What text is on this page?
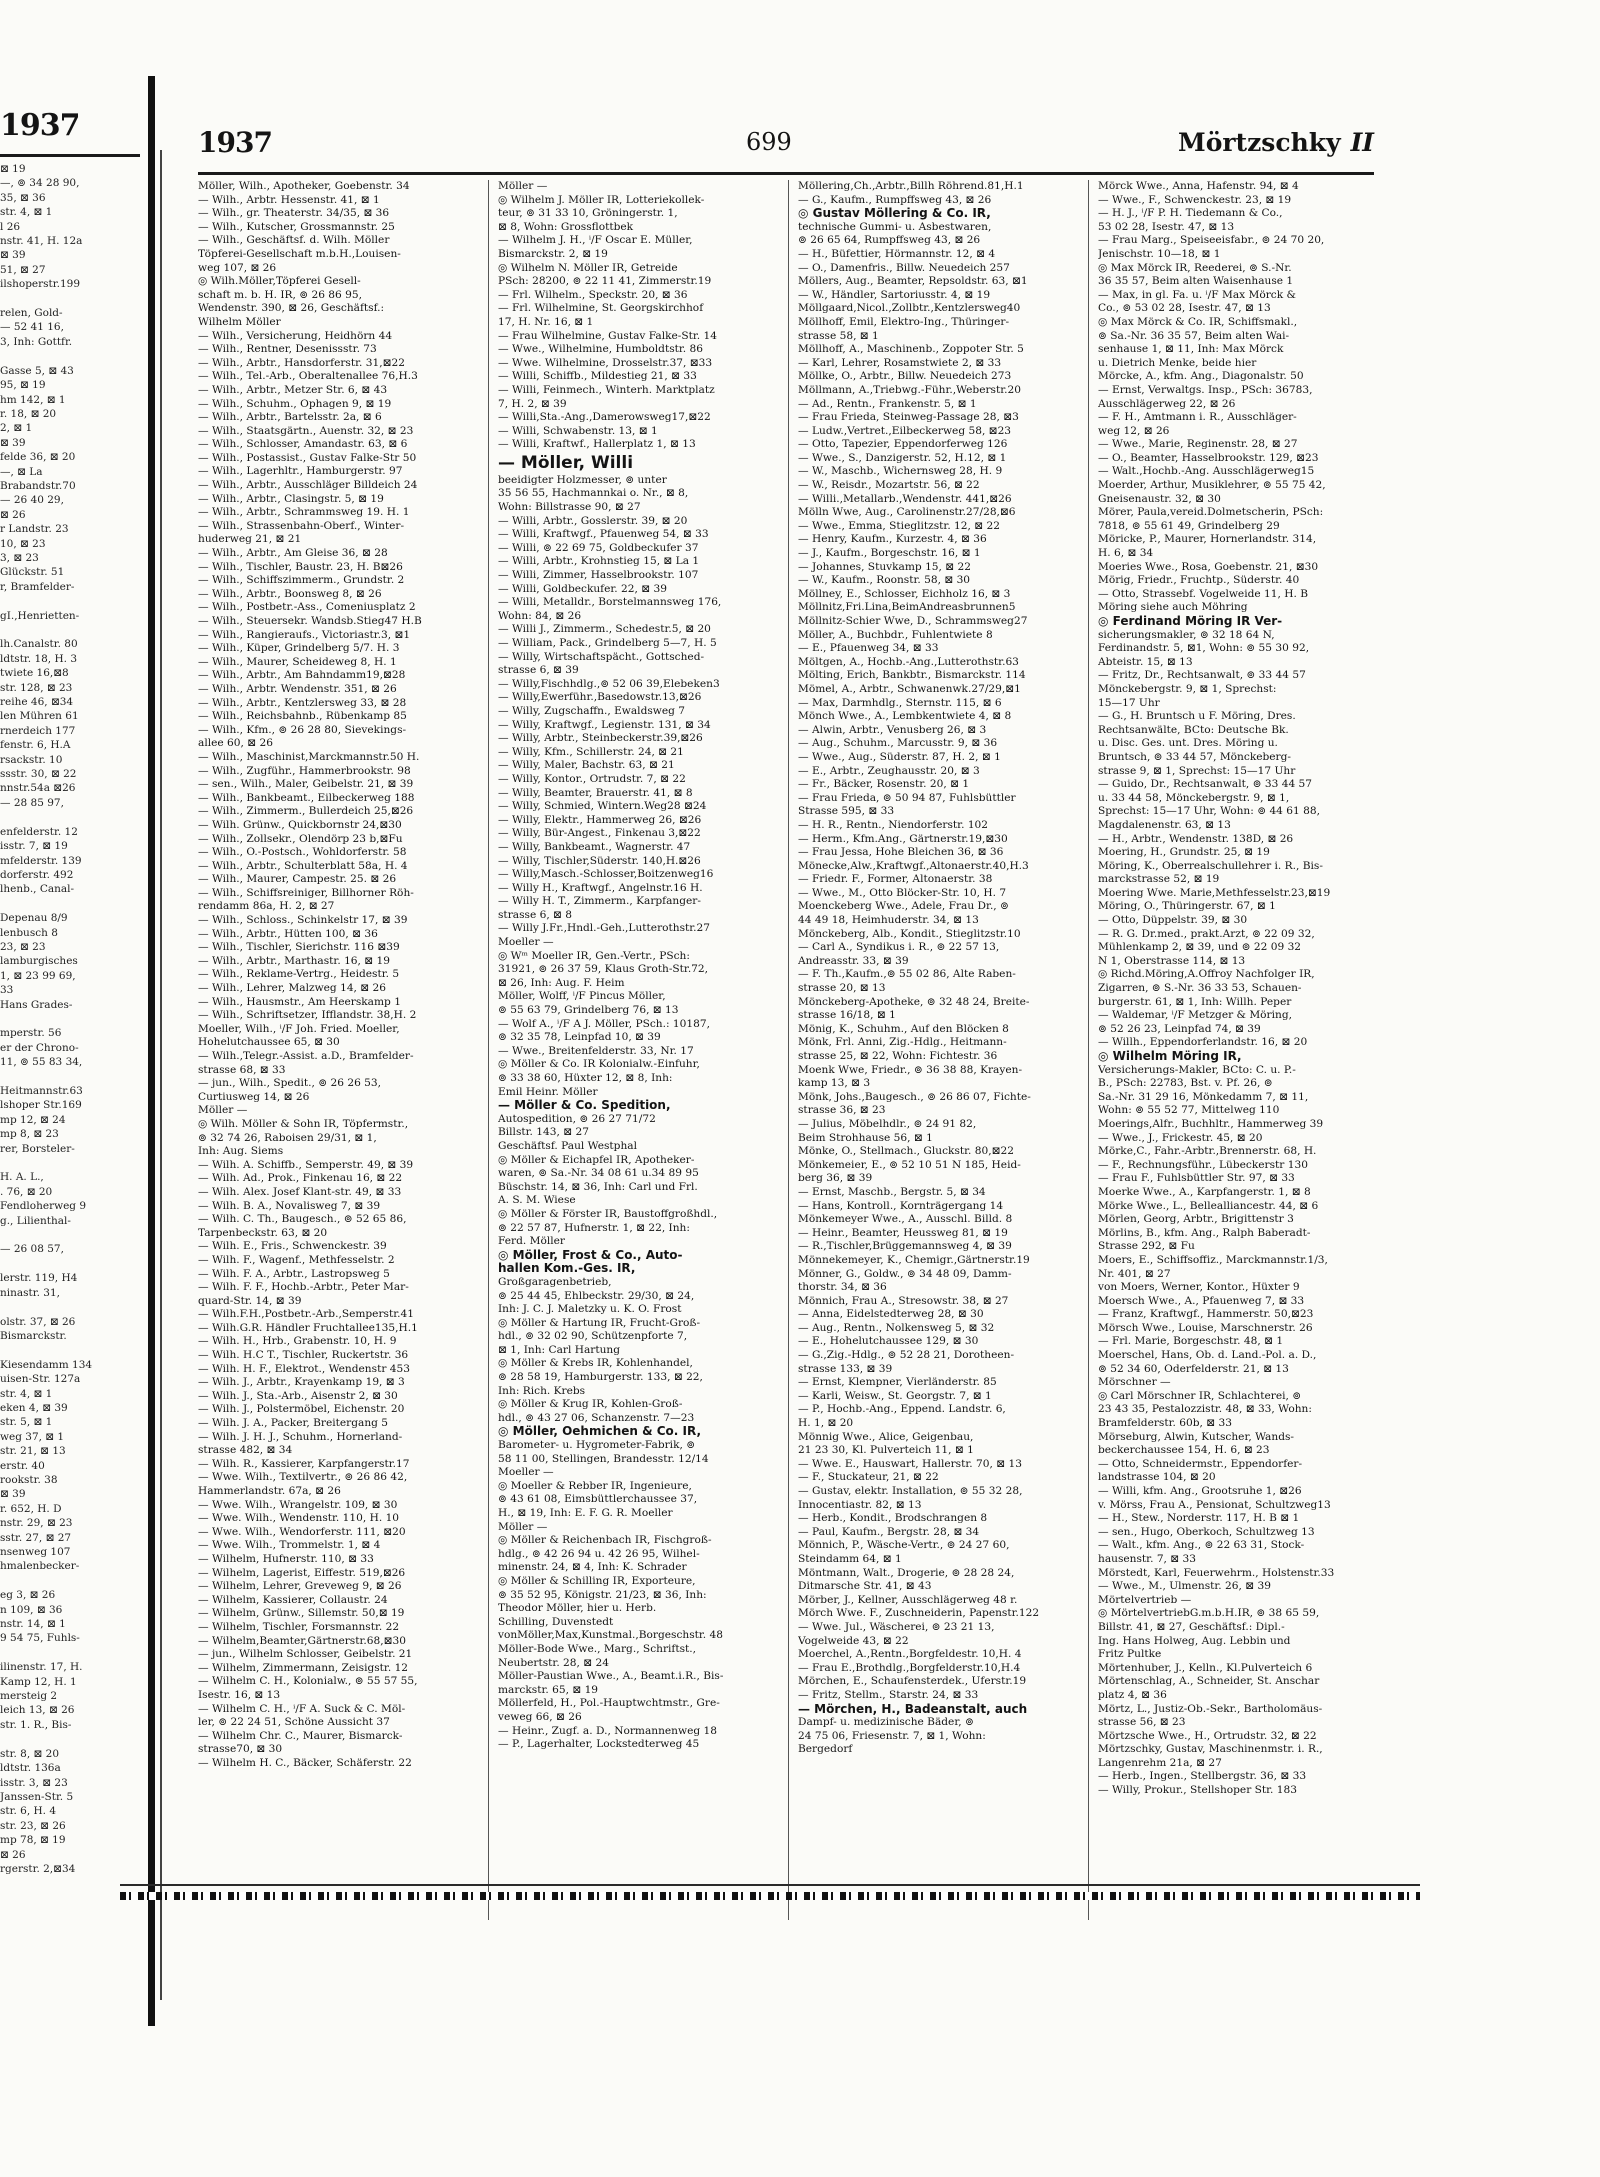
1937
⊠ 19
—, ⊚ 34 28 90,
35, ⊠ 36
str. 4, ⊠ 1
l 26
nstr. 41, H. 12a
⊠ 39
51, ⊠ 27
ilshoperstr.199

relen, Gold-
— 52 41 16,
3, Inh: Gottfr.

Gasse 5, ⊠ 43
95, ⊠ 19
hm 142, ⊠ 1
r. 18, ⊠ 20
2, ⊠ 1
⊠ 39
felde 36, ⊠ 20
—, ⊠ La
Brabandstr.70
— 26 40 29,
⊠ 26
r Landstr. 23
10, ⊠ 23
3, ⊠ 23
Glückstr. 51
r, Bramfelder-

gI.,Henrietten-

lh.Canalstr. 80
ldtstr. 18, H. 3
twiete 16,⊠8
str. 128, ⊠ 23
reihe 46, ⊠34
len Mühren 61
rnerdeich 177
fenstr. 6, H.A
rsackstr. 10
ssstr. 30, ⊠ 22
nnstr.54a ⊠26
— 28 85 97,

enfelderstr. 12
isstr. 7, ⊠ 19
mfelderstr. 139
dorferstr. 492
lhenb., Canal-

Depenau 8/9
lenbusch 8
23, ⊠ 23
lamburgisches
1, ⊠ 23 99 69,
33
Hans Grades-

mperstr. 56
er der Chrono-
11, ⊚ 55 83 34,

Heitmannstr.63
lshoper Str.169
mp 12, ⊠ 24
mp 8, ⊠ 23
rer, Borsteler-

H. A. L.,
. 76, ⊠ 20
Fendloherweg 9
g., Lilienthal-

— 26 08 57,

lerstr. 119, H4
ninastr. 31,

olstr. 37, ⊠ 26
Bismarckstr.

Kiesendamm 134
uisen-Str. 127a
str. 4, ⊠ 1
eken 4, ⊠ 39
str. 5, ⊠ 1
weg 37, ⊠ 1
str. 21, ⊠ 13
erstr. 40
rookstr. 38
⊠ 39
r. 652, H. D
nstr. 29, ⊠ 23
sstr. 27, ⊠ 27
nsenweg 107
hmalenbecker-

eg 3, ⊠ 26
n 109, ⊠ 36
nstr. 14, ⊠ 1
9 54 75, Fuhls-

ilinenstr. 17, H.
Kamp 12, H. 1
mersteig 2
leich 13, ⊠ 26
str. 1. R., Bis-

str. 8, ⊠ 20
ldtstr. 136a
isstr. 3, ⊠ 23
Janssen-Str. 5
str. 6, H. 4
str. 23, ⊠ 26
mp 78, ⊠ 19
⊠ 26
rgerstr. 2,⊠34
1937	699	Mörtzschky II
Möller, Wilh., Apotheker, Goebenstr. 34
— Wilh., Arbtr. Hessenstr. 41, ⊠ 1
— Wilh., gr. Theaterstr. 34/35, ⊠ 36
— Wilh., Kutscher, Grossmannstr. 25
— Wilh., Geschäftsf. d. Wilh. Möller
Töpferei-Gesellschaft m.b.H.,Louisen-
weg 107, ⊠ 26
◎ Wilh.Möller,Töpferei Gesell-
schaft m. b. H. IR, ⊚ 26 86 95,
Wendenstr. 390, ⊠ 26, Geschäftsf.:
Wilhelm Möller
— Wilh., Versicherung, Heidhörn 44
— Wilh., Rentner, Desenissstr. 73
— Wilh., Arbtr., Hansdorferstr. 31,⊠22
— Wilh., Tel.-Arb., Oberaltenallee 76,H.3
— Wilh., Arbtr., Metzer Str. 6, ⊠ 43
— Wilh., Schuhm., Ophagen 9, ⊠ 19
— Wilh., Arbtr., Bartelsstr. 2a, ⊠ 6
— Wilh., Staatsgärtn., Auenstr. 32, ⊠ 23
— Wilh., Schlosser, Amandastr. 63, ⊠ 6
— Wilh., Postassist., Gustav Falke-Str 50
— Wilh., Lagerhltr., Hamburgerstr. 97
— Wilh., Arbtr., Ausschläger Billdeich 24
— Wilh., Arbtr., Clasingstr. 5, ⊠ 19
— Wilh., Arbtr., Schrammsweg 19. H. 1
— Wilh., Strassenbahn-Oberf., Winter-
huderweg 21, ⊠ 21
— Wilh., Arbtr., Am Gleise 36, ⊠ 28
— Wilh., Tischler, Baustr. 23, H. B⊠26
— Wilh., Schiffszimmerm., Grundstr. 2
— Wilh., Arbtr., Boonsweg 8, ⊠ 26
— Wilh., Postbetr.-Ass., Comeniusplatz 2
— Wilh., Steuersekr. Wandsb.Stieg47 H.B
— Wilh., Rangieraufs., Victoriastr.3, ⊠1
— Wilh., Küper, Grindelberg 5/7. H. 3
— Wilh., Maurer, Scheideweg 8, H. 1
— Wilh., Arbtr., Am Bahndamm19,⊠28
— Wilh., Arbtr. Wendenstr. 351, ⊠ 26
— Wilh., Arbtr., Kentzlersweg 33, ⊠ 28
— Wilh., Reichsbahnb., Rübenkamp 85
— Wilh., Kfm., ⊚ 26 28 80, Sievekings-
allee 60, ⊠ 26
— Wilh., Maschinist,Marckmannstr.50 H.
— Wilh., Zugführ., Hammerbrookstr. 98
— sen., Wilh., Maler, Geibelstr. 21, ⊠ 39
— Wilh., Bankbeamt., Eilbeckerweg 188
— Wilh., Zimmerm., Bullerdeich 25,⊠26
— Wilh. Grünw., Quickbornstr 24,⊠30
— Wilh., Zollsekr., Olendörp 23 b,⊠Fu
— Wilh., O.-Postsch., Wohldorferstr. 58
— Wilh., Arbtr., Schulterblatt 58a, H. 4
— Wilh., Maurer, Campestr. 25. ⊠ 26
— Wilh., Schiffsreiniger, Billhorner Röh-
rendamm 86a, H. 2, ⊠ 27
— Wilh., Schloss., Schinkelstr 17, ⊠ 39
— Wilh., Arbtr., Hütten 100, ⊠ 36
— Wilh., Tischler, Sierichstr. 116 ⊠39
— Wilh., Arbtr., Marthastr. 16, ⊠ 19
— Wilh., Reklame-Vertrg., Heidestr. 5
— Wilh., Lehrer, Malzweg 14, ⊠ 26
— Wilh., Hausmstr., Am Heerskamp 1
— Wilh., Schriftsetzer, Ifflandstr. 38,H. 2
Moeller, Wilh., ⁱ/F Joh. Fried. Moeller,
Hohelutchaussee 65, ⊠ 30
— Wilh.,Telegr.-Assist. a.D., Bramfelder-
strasse 68, ⊠ 33
— jun., Wilh., Spedit., ⊚ 26 26 53,
Curtiusweg 14, ⊠ 26
Möller —
◎ Wilh. Möller & Sohn IR, Töpfermstr.,
⊚ 32 74 26, Raboisen 29/31, ⊠ 1,
Inh: Aug. Siems
— Wilh. A. Schiffb., Semperstr. 49, ⊠ 39
— Wilh. Ad., Prok., Finkenau 16, ⊠ 22
— Wilh. Alex. Josef Klant-str. 49, ⊠ 33
— Wilh. B. A., Novalisweg 7, ⊠ 39
— Wilh. C. Th., Baugesch., ⊚ 52 65 86,
Tarpenbeckstr. 63, ⊠ 20
— Wilh. E., Fris., Schwenckestr. 39
— Wilh. F., Wagenf., Methfesselstr. 2
— Wilh. F. A., Arbtr., Lastropsweg 5
— Wilh. F. F., Hochb.-Arbtr., Peter Mar-
quard-Str. 14, ⊠ 39
— Wilh.F.H.,Postbetr.-Arb.,Semperstr.41
— Wilh.G.R. Händler Fruchtallee135,H.1
— Wilh. H., Hrb., Grabenstr. 10, H. 9
— Wilh. H.C T., Tischler, Ruckertstr. 36
— Wilh. H. F., Elektrot., Wendenstr 453
— Wilh. J., Arbtr., Krayenkamp 19, ⊠ 3
— Wilh. J., Sta.-Arb., Aisenstr 2, ⊠ 30
— Wilh. J., Polstermöbel, Eichenstr. 20
— Wilh. J. A., Packer, Breitergang 5
— Wilh. J. H. J., Schuhm., Hornerland-
strasse 482, ⊠ 34
— Wilh. R., Kassierer, Karpfangerstr.17
— Wwe. Wilh., Textilvertr., ⊚ 26 86 42,
Hammerlandstr. 67a, ⊠ 26
— Wwe. Wilh., Wrangelstr. 109, ⊠ 30
— Wwe. Wilh., Wendenstr. 110, H. 10
— Wwe. Wilh., Wendorferstr. 111, ⊠20
— Wwe. Wilh., Trommelstr. 1, ⊠ 4
— Wilhelm, Hufnerstr. 110, ⊠ 33
— Wilhelm, Lagerist, Eiffestr. 519,⊠26
— Wilhelm, Lehrer, Greveweg 9, ⊠ 26
— Wilhelm, Kassierer, Collaustr. 24
— Wilhelm, Grünw., Sillemstr. 50,⊠ 19
— Wilhelm, Tischler, Forsmannstr. 22
— Wilhelm,Beamter,Gärtnerstr.68,⊠30
— jun., Wilhelm Schlosser, Geibelstr. 21
— Wilhelm, Zimmermann, Zeisigstr. 12
— Wilhelm C. H., Kolonialw., ⊚ 55 57 55,
Isestr. 16, ⊠ 13
— Wilhelm C. H., ⁱ/F A. Suck & C. Möl-
ler, ⊚ 22 24 51, Schöne Aussicht 37
— Wilhelm Chr. C., Maurer, Bismarck-
strasse70, ⊠ 30
— Wilhelm H. C., Bäcker, Schäferstr. 22
Möller —
◎ Wilhelm J. Möller IR, Lotteriekollek-
teur, ⊚ 31 33 10, Gröningerstr. 1,
⊠ 8, Wohn: Grossflottbek
— Wilhelm J. H., ⁱ/F Oscar E. Müller,
Bismarckstr. 2, ⊠ 19
◎ Wilhelm N. Möller IR, Getreide
PSch: 28200, ⊚ 22 11 41, Zimmerstr.19
— Frl. Wilhelm., Speckstr. 20, ⊠ 36
— Frl. Wilhelmine, St. Georgskirchhof
17, H. Nr. 16, ⊠ 1
— Frau Wilhelmine, Gustav Falke-Str. 14
— Wwe., Wilhelmine, Humboldtstr. 86
— Wwe. Wilhelmine, Drosselstr.37, ⊠33
— Willi, Schiffb., Mildestieg 21, ⊠ 33
— Willi, Feinmech., Winterh. Marktplatz
7, H. 2, ⊠ 39
— Willi,Sta.-Ang.,Damerowsweg17,⊠22
— Willi, Schwabenstr. 13, ⊠ 1
— Willi, Kraftwf., Hallerplatz 1, ⊠ 13
— Möller, Willi
beeidigter Holzmesser, ⊚ unter
35 56 55, Hachmannkai o. Nr., ⊠ 8,
Wohn: Billstrasse 90, ⊠ 27
— Willi, Arbtr., Gosslerstr. 39, ⊠ 20
— Willi, Kraftwgf., Pfauenweg 54, ⊠ 33
— Willi, ⊚ 22 69 75, Goldbeckufer 37
— Willi, Arbtr., Krohnstieg 15, ⊠ La 1
— Willi, Zimmer, Hasselbrookstr. 107
— Willi, Goldbeckufer. 22, ⊠ 39
— Willi, Metalldr., Borstelmannsweg 176,
Wohn: 84, ⊠ 26
— Willi J., Zimmerm., Schedestr.5, ⊠ 20
— William, Pack., Grindelberg 5—7, H. 5
— Willy, Wirtschaftspächt., Gottsched-
strasse 6, ⊠ 39
— Willy,Fischhdlg.,⊚ 52 06 39,Elebeken3
— Willy,Ewerführ.,Basedowstr.13,⊠26
— Willy, Zugschaffn., Ewaldsweg 7
— Willy, Kraftwgf., Legienstr. 131, ⊠ 34
— Willy, Arbtr., Steinbeckerstr.39,⊠26
— Willy, Kfm., Schillerstr. 24, ⊠ 21
— Willy, Maler, Bachstr. 63, ⊠ 21
— Willy, Kontor., Ortrudstr. 7, ⊠ 22
— Willy, Beamter, Brauerstr. 41, ⊠ 8
— Willy, Schmied, Wintern.Weg28 ⊠24
— Willy, Elektr., Hammerweg 26, ⊠26
— Willy, Bür-Angest., Finkenau 3,⊠22
— Willy, Bankbeamt., Wagnerstr. 47
— Willy, Tischler,Süderstr. 140,H.⊠26
— Willy,Masch.-Schlosser,Boitzenweg16
— Willy H., Kraftwgf., Angelnstr.16 H.
— Willy H. T., Zimmerm., Karpfanger-
strasse 6, ⊠ 8
— Willy J.Fr.,Hndl.-Geh.,Lutterothstr.27
Moeller —
◎ Wᵐ Moeller IR, Gen.-Vertr., PSch:
31921, ⊚ 26 37 59, Klaus Groth-Str.72,
⊠ 26, Inh: Aug. F. Heim
Möller, Wolff, ⁱ/F Pincus Möller,
⊚ 55 63 79, Grindelberg 76, ⊠ 13
— Wolf A., ⁱ/F A J. Möller, PSch.: 10187,
⊚ 32 35 78, Leinpfad 10, ⊠ 39
— Wwe., Breitenfelderstr. 33, Nr. 17
◎ Möller & Co. IR Kolonialw.-Einfuhr,
⊚ 33 38 60, Hüxter 12, ⊠ 8, Inh:
Emil Heinr. Möller
— Möller & Co. Spedition,
Autospedition, ⊚ 26 27 71/72
Billstr. 143, ⊠ 27
Geschäftsf. Paul Westphal
◎ Möller & Eichapfel IR, Apotheker-
waren, ⊚ Sa.-Nr. 34 08 61 u.34 89 95
Büschstr. 14, ⊠ 36, Inh: Carl und Frl.
A. S. M. Wiese
◎ Möller & Förster IR, Baustoffgroßhdl.,
⊚ 22 57 87, Hufnerstr. 1, ⊠ 22, Inh:
Ferd. Möller
◎ Möller, Frost & Co., Auto-
hallen Kom.-Ges. IR,
Großgaragenbetrieb,
⊚ 25 44 45, Ehlbeckstr. 29/30, ⊠ 24,
Inh: J. C. J. Maletzky u. K. O. Frost
◎ Möller & Hartung IR, Frucht-Groß-
hdl., ⊚ 32 02 90, Schützenpforte 7,
⊠ 1, Inh: Carl Hartung
◎ Möller & Krebs IR, Kohlenhandel,
⊚ 28 58 19, Hamburgerstr. 133, ⊠ 22,
Inh: Rich. Krebs
◎ Möller & Krug IR, Kohlen-Groß-
hdl., ⊚ 43 27 06, Schanzenstr. 7—23
◎ Möller, Oehmichen & Co. IR,
Barometer- u. Hygrometer-Fabrik, ⊚
58 11 00, Stellingen, Brandesstr. 12/14
Moeller —
◎ Moeller & Rebber IR, Ingenieure,
⊚ 43 61 08, Eimsbüttlerchaussee 37,
H., ⊠ 19, Inh: E. F. G. R. Moeller
Möller —
◎ Möller & Reichenbach IR, Fischgroß-
hdlg., ⊚ 42 26 94 u. 42 26 95, Wilhel-
minenstr. 24, ⊠ 4, Inh: K. Schrader
◎ Möller & Schilling IR, Exporteure,
⊚ 35 52 95, Königstr. 21/23, ⊠ 36, Inh:
Theodor Möller, hier u. Herb.
Schilling, Duvenstedt
vonMöller,Max,Kunstmal.,Borgeschstr. 48
Möller-Bode Wwe., Marg., Schriftst.,
Neubertstr. 28, ⊠ 24
Möller-Paustian Wwe., A., Beamt.i.R., Bis-
marckstr. 65, ⊠ 19
Möllerfeld, H., Pol.-Hauptwchtmstr., Gre-
veweg 66, ⊠ 26
— Heinr., Zugf. a. D., Normannenweg 18
— P., Lagerhalter, Lockstedterweg 45
Möllering,Ch.,Arbtr.,Billh Röhrend.81,H.1
— G., Kaufm., Rumpffsweg 43, ⊠ 26
◎ Gustav Möllering & Co. IR,
technische Gummi- u. Asbestwaren,
⊚ 26 65 64, Rumpffsweg 43, ⊠ 26
— H., Büfettier, Hörmannstr. 12, ⊠ 4
— O., Damenfris., Billw. Neuedeich 257
Möllers, Aug., Beamter, Repsoldstr. 63, ⊠1
— W., Händler, Sartoriusstr. 4, ⊠ 19
Möllgaard,Nicol.,Zollbtr.,Kentzlersweg40
Möllhoff, Emil, Elektro-Ing., Thüringer-
strasse 58, ⊠ 1
Möllhoff, A., Maschinenb., Zoppoter Str. 5
— Karl, Lehrer, Rosamstwiete 2, ⊠ 33
Möllke, O., Arbtr., Billw. Neuedeich 273
Möllmann, A.,Triebwg.-Führ.,Weberstr.20
— Ad., Rentn., Frankenstr. 5, ⊠ 1
— Frau Frieda, Steinweg-Passage 28, ⊠3
— Ludw.,Vertret.,Eilbeckerweg 58, ⊠23
— Otto, Tapezier, Eppendorferweg 126
— Wwe., S., Danzigerstr. 52, H.12, ⊠ 1
— W., Maschb., Wichernsweg 28, H. 9
— W., Reisdr., Mozartstr. 56, ⊠ 22
— Willi.,Metallarb.,Wendenstr. 441,⊠26
Mölln Wwe, Aug., Carolinenstr.27/28,⊠6
— Wwe., Emma, Stieglitzstr. 12, ⊠ 22
— Henry, Kaufm., Kurzestr. 4, ⊠ 36
— J., Kaufm., Borgeschstr. 16, ⊠ 1
— Johannes, Stuvkamp 15, ⊠ 22
— W., Kaufm., Roonstr. 58, ⊠ 30
Möllney, E., Schlosser, Eichholz 16, ⊠ 3
Möllnitz,Fri.Lina,BeimAndreasbrunnen5
Möllnitz-Schier Wwe, D., Schrammsweg27
Möller, A., Buchbdr., Fuhlentwiete 8
— E., Pfauenweg 34, ⊠ 33
Möltgen, A., Hochb.-Ang.,Lutterothstr.63
Mölting, Erich, Bankbtr., Bismarckstr. 114
Mömel, A., Arbtr., Schwanenwk.27/29,⊠1
— Max, Darmhdlg., Sternstr. 115, ⊠ 6
Mönch Wwe., A., Lembkentwiete 4, ⊠ 8
— Alwin, Arbtr., Venusberg 26, ⊠ 3
— Aug., Schuhm., Marcusstr. 9, ⊠ 36
— Wwe., Aug., Süderstr. 87, H. 2, ⊠ 1
— E., Arbtr., Zeughausstr. 20, ⊠ 3
— Fr., Bäcker, Rosenstr. 20, ⊠ 1
— Frau Frieda, ⊚ 50 94 87, Fuhlsbüttler
Strasse 595, ⊠ 33
— H. R., Rentn., Niendorferstr. 102
— Herm., Kfm.Ang., Gärtnerstr.19,⊠30
— Frau Jessa, Hohe Bleichen 36, ⊠ 36
Mönecke,Alw.,Kraftwgf.,Altonaerstr.40,H.3
— Friedr. F., Former, Altonaerstr. 38
— Wwe., M., Otto Blöcker-Str. 10, H. 7
Moenckeberg Wwe., Adele, Frau Dr., ⊚
44 49 18, Heimhuderstr. 34, ⊠ 13
Mönckeberg, Alb., Kondit., Stieglitzstr.10
— Carl A., Syndikus i. R., ⊚ 22 57 13,
Andreasstr. 33, ⊠ 39
— F. Th.,Kaufm.,⊚ 55 02 86, Alte Raben-
strasse 20, ⊠ 13
Mönckeberg-Apotheke, ⊚ 32 48 24, Breite-
strasse 16/18, ⊠ 1
Mönig, K., Schuhm., Auf den Blöcken 8
Mönk, Frl. Anni, Zig.-Hdlg., Heitmann-
strasse 25, ⊠ 22, Wohn: Fichtestr. 36
Moenk Wwe, Friedr., ⊚ 36 38 88, Krayen-
kamp 13, ⊠ 3
Mönk, Johs.,Baugesch., ⊚ 26 86 07, Fichte-
strasse 36, ⊠ 23
— Julius, Möbelhdlr., ⊚ 24 91 82,
Beim Strohhause 56, ⊠ 1
Mönke, O., Stellmach., Gluckstr. 80,⊠22
Mönkemeier, E., ⊚ 52 10 51 N 185, Heid-
berg 36, ⊠ 39
— Ernst, Maschb., Bergstr. 5, ⊠ 34
— Hans, Kontroll., Kornträgergang 14
Mönkemeyer Wwe., A., Ausschl. Billd. 8
— Heinr., Beamter, Heussweg 81, ⊠ 19
— R.,Tischler,Brüggemannsweg 4, ⊠ 39
Mönnekemeyer, K., Chemigr.,Gärtnerstr.19
Mönner, G., Goldw., ⊚ 34 48 09, Damm-
thorstr. 34, ⊠ 36
Mönnich, Frau A., Stresowstr. 38, ⊠ 27
— Anna, Eidelstedterweg 28, ⊠ 30
— Aug., Rentn., Nolkensweg 5, ⊠ 32
— E., Hohelutchaussee 129, ⊠ 30
— G.,Zig.-Hdlg., ⊚ 52 28 21, Dorotheen-
strasse 133, ⊠ 39
— Ernst, Klempner, Vierländerstr. 85
— Karli, Weisw., St. Georgstr. 7, ⊠ 1
— P., Hochb.-Ang., Eppend. Landstr. 6,
H. 1, ⊠ 20
Mönnig Wwe., Alice, Geigenbau,
21 23 30, Kl. Pulverteich 11, ⊠ 1
— Wwe. E., Hauswart, Hallerstr. 70, ⊠ 13
— F., Stuckateur, 21, ⊠ 22
— Gustav, elektr. Installation, ⊚ 55 32 28,
Innocentiastr. 82, ⊠ 13
— Herb., Kondit., Brodschrangen 8
— Paul, Kaufm., Bergstr. 28, ⊠ 34
Mönnich, P., Wäsche-Vertr., ⊚ 24 27 60,
Steindamm 64, ⊠ 1
Möntmann, Walt., Drogerie, ⊚ 28 28 24,
Ditmarsche Str. 41, ⊠ 43
Mörber, J., Kellner, Ausschlägerweg 48 r.
Mörch Wwe. F., Zuschneiderin, Papenstr.122
— Wwe. Jul., Wäscherei, ⊚ 23 21 13,
Vogelweide 43, ⊠ 22
Moerchel, A.,Rentn.,Borgfeldestr. 10,H. 4
— Frau E.,Brothdlg.,Borgfelderstr.10,H.4
Mörchen, E., Schaufensterdek., Uferstr.19
— Fritz, Stellm., Starstr. 24, ⊠ 33
— Mörchen, H., Badeanstalt, auch
Dampf- u. medizinische Bäder, ⊚
24 75 06, Friesenstr. 7, ⊠ 1, Wohn:
Bergedorf
Mörck Wwe., Anna, Hafenstr. 94, ⊠ 4
— Wwe., F., Schwenckestr. 23, ⊠ 19
— H. J., ⁱ/F P. H. Tiedemann & Co.,
53 02 28, Isestr. 47, ⊠ 13
— Frau Marg., Speiseeisfabr., ⊚ 24 70 20,
Jenischstr. 10—18, ⊠ 1
◎ Max Mörck IR, Reederei, ⊚ S.-Nr.
36 35 57, Beim alten Waisenhause 1
— Max, in gl. Fa. u. ⁱ/F Max Mörck &
Co., ⊚ 53 02 28, Isestr. 47, ⊠ 13
◎ Max Mörck & Co. IR, Schiffsmakl.,
⊚ Sa.-Nr. 36 35 57, Beim alten Wai-
senhause 1, ⊠ 11, Inh: Max Mörck
u. Dietrich Menke, beide hier
Mörcke, A., kfm. Ang., Diagonalstr. 50
— Ernst, Verwaltgs. Insp., PSch: 36783,
Ausschlägerweg 22, ⊠ 26
— F. H., Amtmann i. R., Ausschläger-
weg 12, ⊠ 26
— Wwe., Marie, Reginenstr. 28, ⊠ 27
— O., Beamter, Hasselbrookstr. 129, ⊠23
— Walt.,Hochb.-Ang. Ausschlägerweg15
Moerder, Arthur, Musiklehrer, ⊚ 55 75 42,
Gneisenaustr. 32, ⊠ 30
Mörer, Paula,vereid.Dolmetscherin, PSch:
7818, ⊚ 55 61 49, Grindelberg 29
Möricke, P., Maurer, Hornerlandstr. 314,
H. 6, ⊠ 34
Moeries Wwe., Rosa, Goebenstr. 21, ⊠30
Mörig, Friedr., Fruchtp., Süderstr. 40
— Otto, Strassebf. Vogelweide 11, H. B
Möring siehe auch Möhring
◎ Ferdinand Möring IR Ver-
sicherungsmakler, ⊚ 32 18 64 N,
Ferdinandstr. 5, ⊠1, Wohn: ⊚ 55 30 92,
Abteistr. 15, ⊠ 13
— Fritz, Dr., Rechtsanwalt, ⊚ 33 44 57
Mönckebergstr. 9, ⊠ 1, Sprechst:
15—17 Uhr
— G., H. Bruntsch u F. Möring, Dres.
Rechtsanwälte, BCto: Deutsche Bk.
u. Disc. Ges. unt. Dres. Möring u.
Bruntsch, ⊚ 33 44 57, Mönckeberg-
strasse 9, ⊠ 1, Sprechst: 15—17 Uhr
— Guido, Dr., Rechtsanwalt, ⊚ 33 44 57
u. 33 44 58, Mönckebergstr. 9, ⊠ 1,
Sprechst: 15—17 Uhr, Wohn: ⊚ 44 61 88,
Magdalenenstr. 63, ⊠ 13
— H., Arbtr., Wendenstr. 138D, ⊠ 26
Moering, H., Grundstr. 25, ⊠ 19
Möring, K., Oberrealschullehrer i. R., Bis-
marckstrasse 52, ⊠ 19
Moering Wwe. Marie,Methfesselstr.23,⊠19
Möring, O., Thüringerstr. 67, ⊠ 1
— Otto, Düppelstr. 39, ⊠ 30
— R. G. Dr.med., prakt.Arzt, ⊚ 22 09 32,
Mühlenkamp 2, ⊠ 39, und ⊚ 22 09 32
N 1, Oberstrasse 114, ⊠ 13
◎ Richd.Möring,A.Offroy Nachfolger IR,
Zigarren, ⊚ S.-Nr. 36 33 53, Schauen-
burgerstr. 61, ⊠ 1, Inh: Willh. Peper
— Waldemar, ⁱ/F Metzger & Möring,
⊚ 52 26 23, Leinpfad 74, ⊠ 39
— Willh., Eppendorferlandstr. 16, ⊠ 20
◎ Wilhelm Möring IR,
Versicherungs-Makler, BCto: C. u. P.-
B., PSch: 22783, Bst. v. Pf. 26, ⊚
Sa.-Nr. 31 29 16, Mönkedamm 7, ⊠ 11,
Wohn: ⊚ 55 52 77, Mittelweg 110
Moerings,Alfr., Buchhltr., Hammerweg 39
— Wwe., J., Frickestr. 45, ⊠ 20
Mörke,C., Fahr.-Arbtr.,Brennerstr. 68, H.
— F., Rechnungsführ., Lübeckerstr 130
— Frau F., Fuhlsbüttler Str. 97, ⊠ 33
Moerke Wwe., A., Karpfangerstr. 1, ⊠ 8
Mörke Wwe., L., Bellealliancestr. 44, ⊠ 6
Mörlen, Georg, Arbtr., Brigittenstr 3
Mörlins, B., kfm. Ang., Ralph Baberadt-
Strasse 292, ⊠ Fu
Moers, E., Schiffsoffiz., Marckmannstr.1/3,
Nr. 401, ⊠ 27
von Moers, Werner, Kontor., Hüxter 9
Moersch Wwe., A., Pfauenweg 7, ⊠ 33
— Franz, Kraftwgf., Hammerstr. 50,⊠23
Mörsch Wwe., Louise, Marschnerstr. 26
— Frl. Marie, Borgeschstr. 48, ⊠ 1
Moerschel, Hans, Ob. d. Land.-Pol. a. D.,
⊚ 52 34 60, Oderfelderstr. 21, ⊠ 13
Mörschner —
◎ Carl Mörschner IR, Schlachterei, ⊚
23 43 35, Pestalozzistr. 48, ⊠ 33, Wohn:
Bramfelderstr. 60b, ⊠ 33
Mörseburg, Alwin, Kutscher, Wands-
beckerchaussee 154, H. 6, ⊠ 23
— Otto, Schneidermstr., Eppendorfer-
landstrasse 104, ⊠ 20
— Willi, kfm. Ang., Grootsruhe 1, ⊠26
v. Mörss, Frau A., Pensionat, Schultzweg13
— H., Stew., Norderstr. 117, H. B ⊠ 1
— sen., Hugo, Oberkoch, Schultzweg 13
— Walt., kfm. Ang., ⊚ 22 63 31, Stock-
hausenstr. 7, ⊠ 33
Mörstedt, Karl, Feuerwehrm., Holstenstr.33
— Wwe., M., Ulmenstr. 26, ⊠ 39
Mörtelvertrieb —
◎ MörtelvertriebG.m.b.H.IR, ⊚ 38 65 59,
Billstr. 41, ⊠ 27, Geschäftsf.: Dipl.-
Ing. Hans Holweg, Aug. Lebbin und
Fritz Pultke
Mörtenhuber, J., Kelln., Kl.Pulverteich 6
Mörtenschlag, A., Schneider, St. Anschar
platz 4, ⊠ 36
Mörtz, L., Justiz-Ob.-Sekr., Bartholomäus-
strasse 56, ⊠ 23
Mörtzsche Wwe., H., Ortrudstr. 32, ⊠ 22
Mörtzschky, Gustav, Maschinenmstr. i. R.,
Langenrehm 21a, ⊠ 27
— Herb., Ingen., Stellbergstr. 36, ⊠ 33
— Willy, Prokur., Stellshoper Str. 183
